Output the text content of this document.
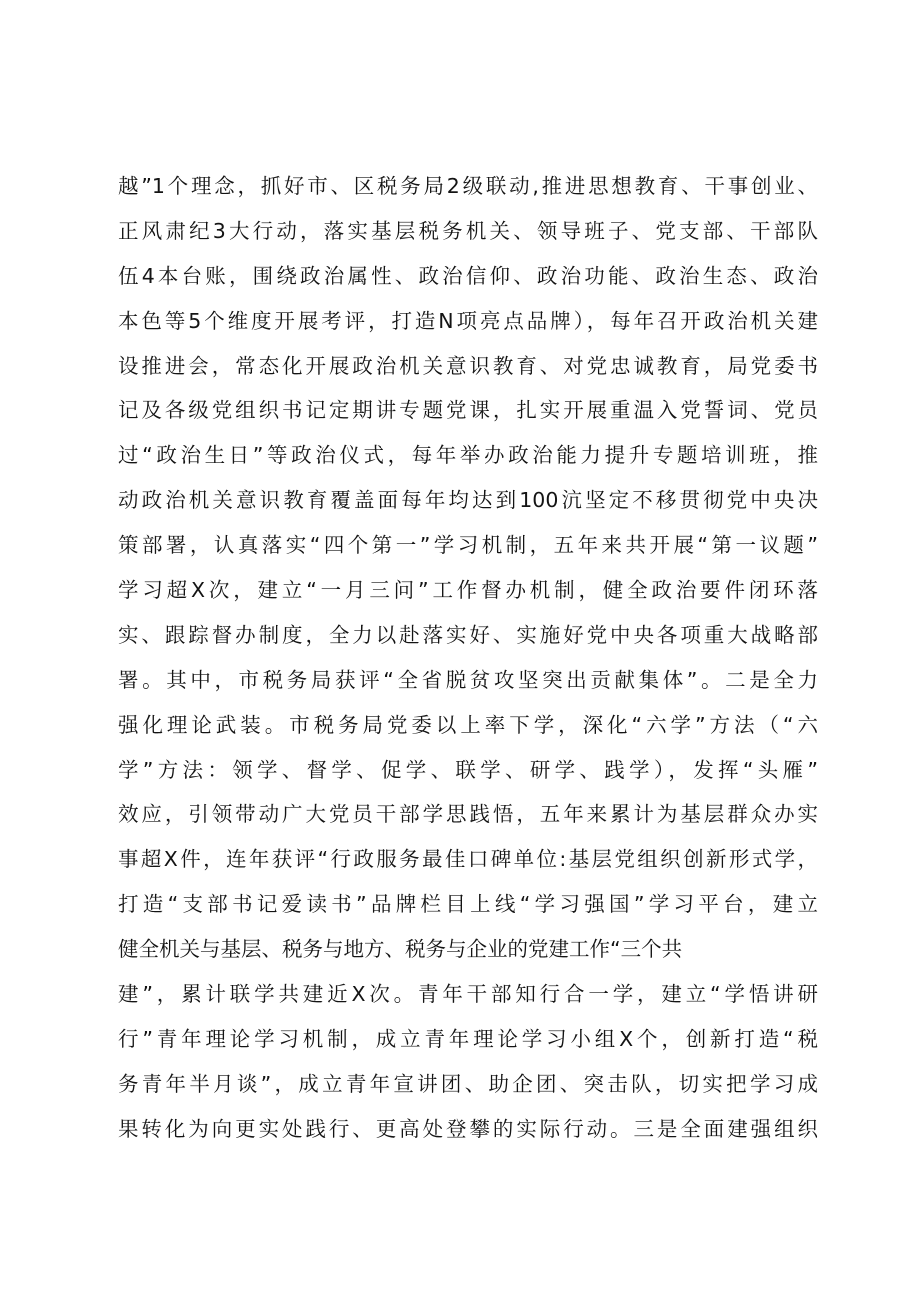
越”1个理念，抓好市、区税务局2级联动,推进思想教育、干事创业、
正风肃纪3大行动，落实基层税务机关、领导班子、党支部、干部队
伍4本台账，围绕政治属性、政治信仰、政治功能、政治生态、政治
本色等5个维度开展考评，打造N项亮点品牌），每年召开政治机关建
设推进会，常态化开展政治机关意识教育、对党忠诚教育，局党委书
记及各级党组织书记定期讲专题党课，扎实开展重温入党誓词、党员
过“政治生日”等政治仪式，每年举办政治能力提升专题培训班，推
动政治机关意识教育覆盖面每年均达到100沆坚定不移贯彻党中央决
策部署，认真落实“四个第一”学习机制，五年来共开展“第一议题”
学习超X次，建立“一月三问”工作督办机制，健全政治要件闭环落
实、跟踪督办制度，全力以赴落实好、实施好党中央各项重大战略部
署。其中，市税务局获评“全省脱贫攻坚突出贡献集体”。二是全力
强化理论武装。市税务局党委以上率下学，深化“六学”方法（“六
学”方法：领学、督学、促学、联学、研学、践学），发挥“头雁”
效应，引领带动广大党员干部学思践悟，五年来累计为基层群众办实
事超X件，连年获评“行政服务最佳口碑单位:基层党组织创新形式学，
打造“支部书记爱读书”品牌栏目上线“学习强国”学习平台，建立
健全机关与基层、税务与地方、税务与企业的党建工作“三个共
建”，累计联学共建近X次。青年干部知行合一学，建立“学悟讲研
行”青年理论学习机制，成立青年理论学习小组X个，创新打造“税
务青年半月谈”，成立青年宣讲团、助企团、突击队，切实把学习成
果转化为向更实处践行、更高处登攀的实际行动。三是全面建强组织
